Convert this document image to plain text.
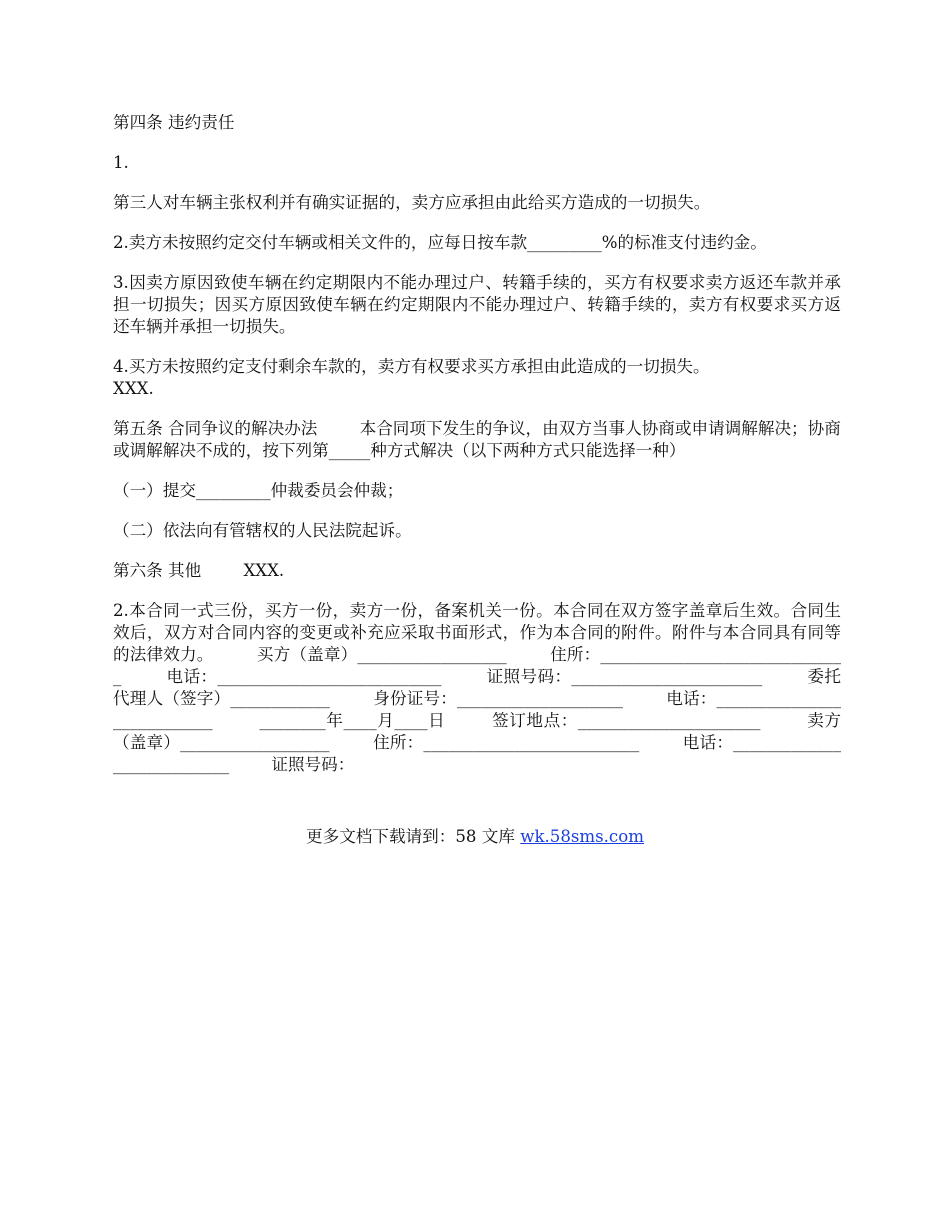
第四条 违约责任

1.

第三人对车辆主张权利并有确实证据的，卖方应承担由此给买方造成的一切损失。

2.卖方未按照约定交付车辆或相关文件的，应每日按车款_________%的标准支付违约金。

3.因卖方原因致使车辆在约定期限内不能办理过户、转籍手续的，买方有权要求卖方返还车款并承担一切损失；因买方原因致使车辆在约定期限内不能办理过户、转籍手续的，卖方有权要求买方返还车辆并承担一切损失。

4.买方未按照约定支付剩余车款的，卖方有权要求买方承担由此造成的一切损失。

XXX.

第五条 合同争议的解决办法        本合同项下发生的争议，由双方当事人协商或申请调解解决；协商或调解解决不成的，按下列第_____种方式解决（以下两种方式只能选择一种）

（一）提交_________仲裁委员会仲裁；

（二）依法向有管辖权的人民法院起诉。

第六条 其他        XXX.

2.本合同一式三份，买方一份，卖方一份，备案机关一份。本合同在双方签字盖章后生效。合同生效后，双方对合同内容的变更或补充应采取书面形式，作为本合同的附件。附件与本合同具有同等的法律效力。        买方（盖章）__________________        住所：______________________________        电话：___________________________        证照号码：_______________________        委托代理人（签字）____________        身份证号：____________________        电话：___________________________        ________年____月____日        签订地点：______________________        卖方（盖章）__________________        住所：__________________________        电话：___________________________        证照号码：

更多文档下载请到：58 文库 wk.58sms.com
